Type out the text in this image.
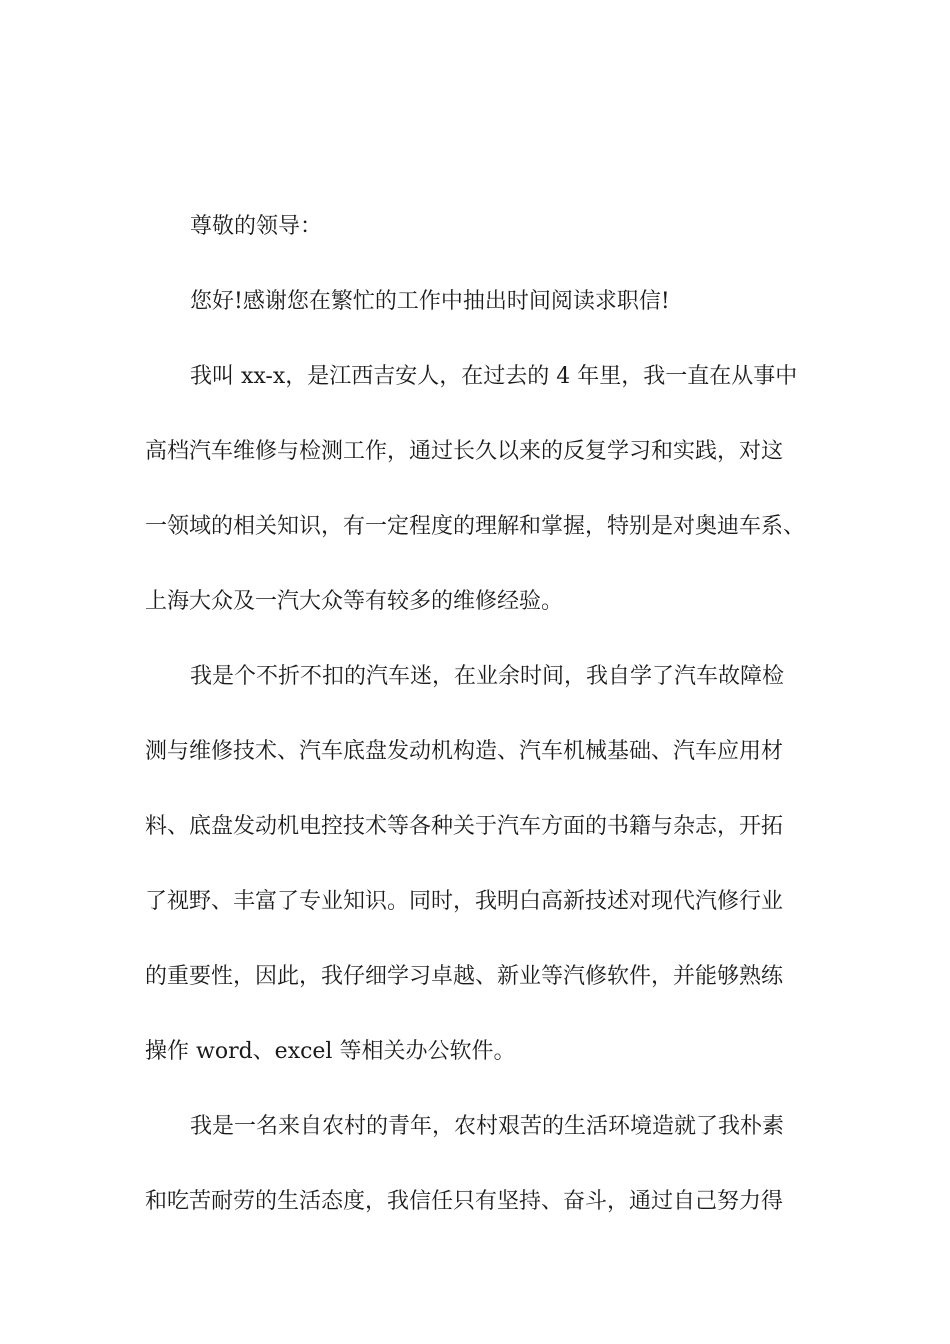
尊敬的领导：
您好!感谢您在繁忙的工作中抽出时间阅读求职信!
我叫 xx-x，是江西吉安人，在过去的 4 年里，我一直在从事中
高档汽车维修与检测工作，通过长久以来的反复学习和实践，对这
一领域的相关知识，有一定程度的理解和掌握，特别是对奥迪车系、
上海大众及一汽大众等有较多的维修经验。
我是个不折不扣的汽车迷，在业余时间，我自学了汽车故障检
测与维修技术、汽车底盘发动机构造、汽车机械基础、汽车应用材
料、底盘发动机电控技术等各种关于汽车方面的书籍与杂志，开拓
了视野、丰富了专业知识。同时，我明白高新技述对现代汽修行业
的重要性，因此，我仔细学习卓越、新业等汽修软件，并能够熟练
操作 word、excel 等相关办公软件。
我是一名来自农村的青年，农村艰苦的生活环境造就了我朴素
和吃苦耐劳的生活态度，我信任只有坚持、奋斗，通过自己努力得
